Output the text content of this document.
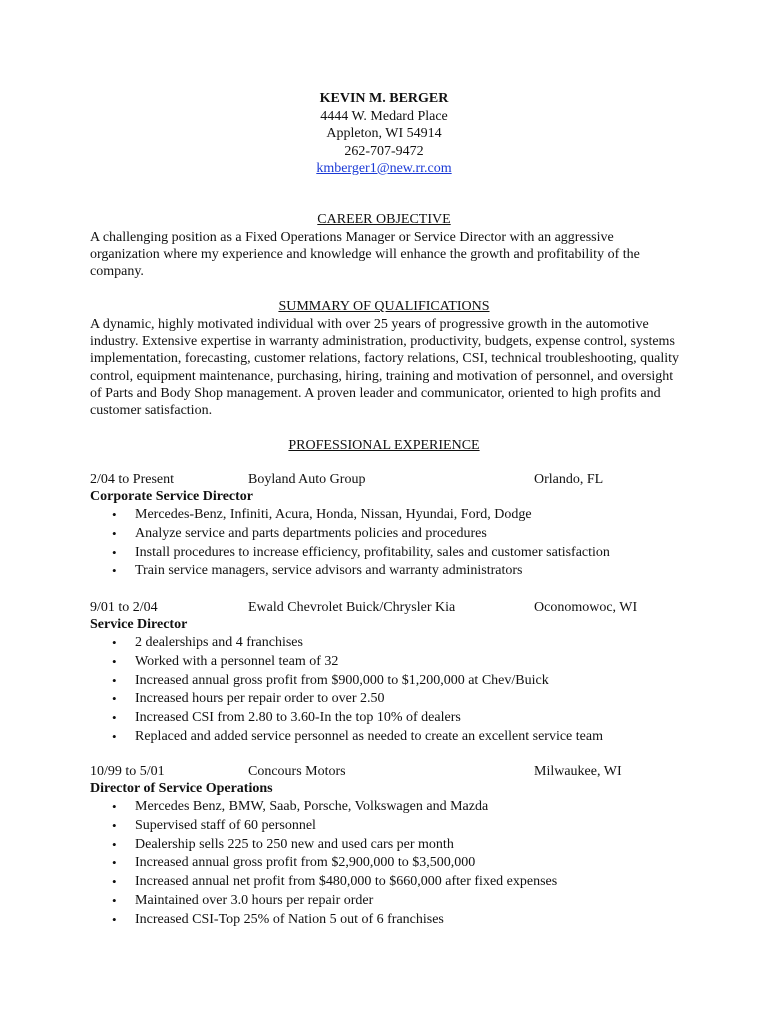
KEVIN M. BERGER
4444 W. Medard Place
Appleton, WI 54914
262-707-9472
kmberger1@new.rr.com
CAREER OBJECTIVE
A challenging position as a Fixed Operations Manager or Service Director with an aggressive organization where my experience and knowledge will enhance the growth and profitability of the company.
SUMMARY OF QUALIFICATIONS
A dynamic, highly motivated individual with over 25 years of progressive growth in the automotive industry. Extensive expertise in warranty administration, productivity, budgets, expense control, systems implementation, forecasting, customer relations, factory relations, CSI, technical troubleshooting, quality control, equipment maintenance, purchasing, hiring, training and motivation of personnel, and oversight of Parts and Body Shop management. A proven leader and communicator, oriented to high profits and customer satisfaction.
PROFESSIONAL EXPERIENCE
2/04 to Present	Boyland Auto Group	Orlando, FL
Corporate Service Director
• Mercedes-Benz, Infiniti, Acura, Honda, Nissan, Hyundai, Ford, Dodge
• Analyze service and parts departments policies and procedures
• Install procedures to increase efficiency, profitability, sales and customer satisfaction
• Train service managers, service advisors and warranty administrators
9/01 to 2/04	Ewald Chevrolet Buick/Chrysler Kia	Oconomowoc, WI
Service Director
• 2 dealerships and 4 franchises
• Worked with a personnel team of 32
• Increased annual gross profit from $900,000 to $1,200,000 at Chev/Buick
• Increased hours per repair order to over 2.50
• Increased CSI from 2.80 to 3.60-In the top 10% of dealers
• Replaced and added service personnel as needed to create an excellent service team
10/99 to 5/01	Concours Motors	Milwaukee, WI
Director of Service Operations
• Mercedes Benz, BMW, Saab, Porsche, Volkswagen and Mazda
• Supervised staff of 60 personnel
• Dealership sells 225 to 250 new and used cars per month
• Increased annual gross profit from $2,900,000 to $3,500,000
• Increased annual net profit from $480,000 to $660,000 after fixed expenses
• Maintained over 3.0 hours per repair order
• Increased CSI-Top 25% of Nation 5 out of 6 franchises
